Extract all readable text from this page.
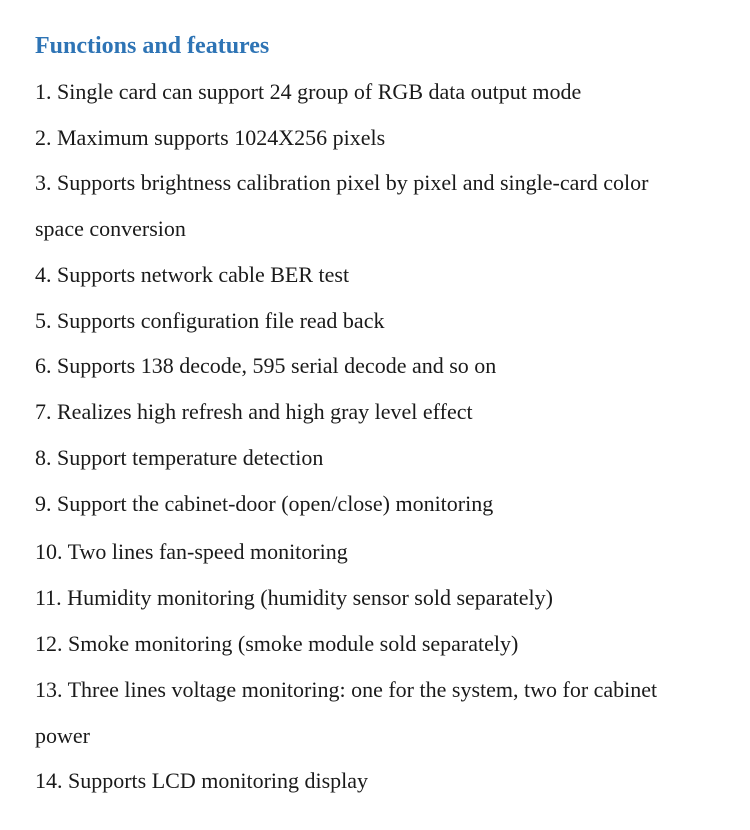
Functions and features

1. Single card can support 24 group of RGB data output mode

2. Maximum supports 1024X256 pixels

3. Supports brightness calibration pixel by pixel and single-card color

space conversion

4. Supports network cable BER test

5. Supports configuration file read back

6. Supports 138 decode, 595 serial decode and so on

7. Realizes high refresh and high gray level effect

8. Support temperature detection

9. Support the cabinet-door (open/close) monitoring

10. Two lines fan-speed monitoring

11. Humidity monitoring (humidity sensor sold separately)

12. Smoke monitoring (smoke module sold separately)

13. Three lines voltage monitoring: one for the system, two for cabinet

power

14. Supports LCD monitoring display
